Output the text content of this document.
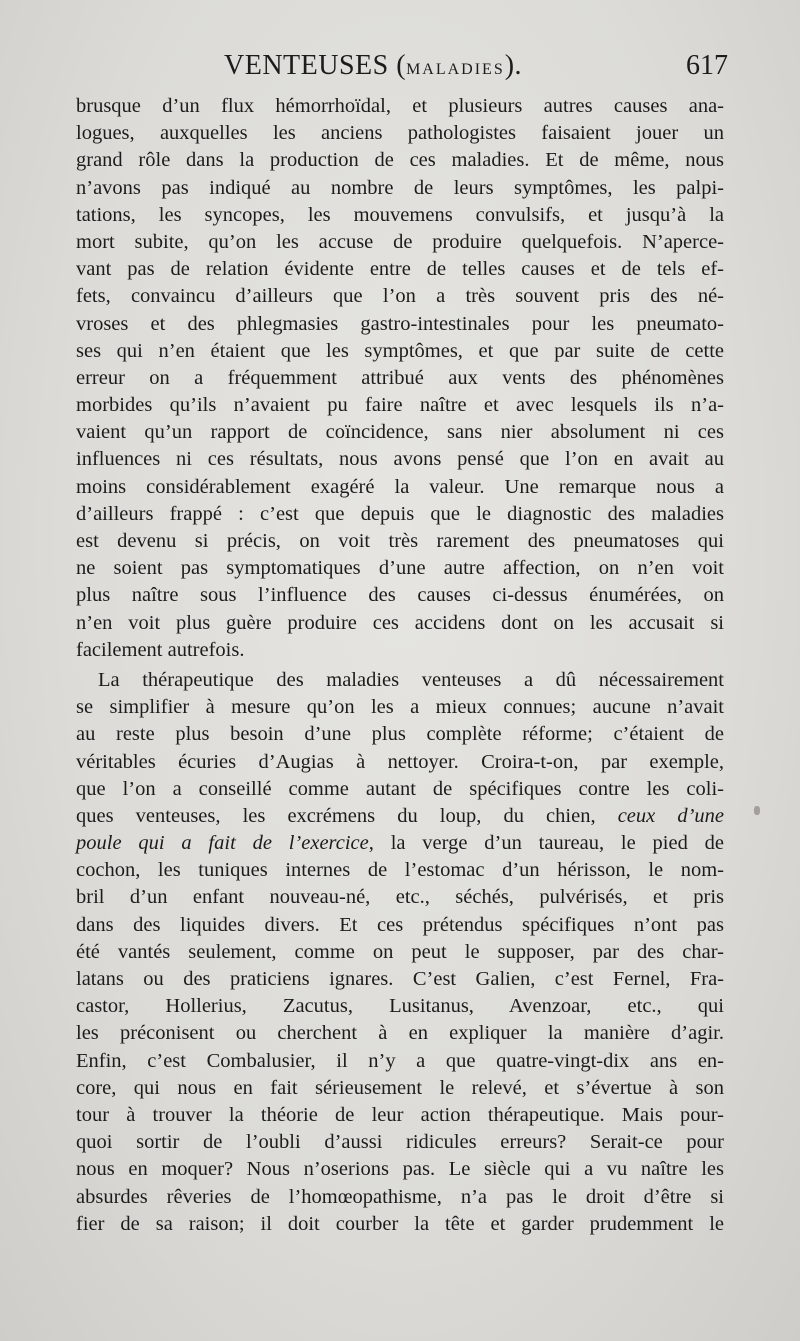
VENTEUSES (MALADIES).	617
brusque d’un flux hémorrhoïdal, et plusieurs autres causes ana-
logues, auxquelles les anciens pathologistes faisaient jouer un
grand rôle dans la production de ces maladies. Et de même, nous
n’avons pas indiqué au nombre de leurs symptômes, les palpi-
tations, les syncopes, les mouvemens convulsifs, et jusqu’à la
mort subite, qu’on les accuse de produire quelquefois. N’aperce-
vant pas de relation évidente entre de telles causes et de tels ef-
fets, convaincu d’ailleurs que l’on a très souvent pris des né-
vroses et des phlegmasies gastro-intestinales pour les pneumato-
ses qui n’en étaient que les symptômes, et que par suite de cette
erreur on a fréquemment attribué aux vents des phénomènes
morbides qu’ils n’avaient pu faire naître et avec lesquels ils n’a-
vaient qu’un rapport de coïncidence, sans nier absolument ni ces
influences ni ces résultats, nous avons pensé que l’on en avait au
moins considérablement exagéré la valeur. Une remarque nous a
d’ailleurs frappé : c’est que depuis que le diagnostic des maladies
est devenu si précis, on voit très rarement des pneumatoses qui
ne soient pas symptomatiques d’une autre affection, on n’en voit
plus naître sous l’influence des causes ci-dessus énumérées, on
n’en voit plus guère produire ces accidens dont on les accusait si
facilement autrefois.
La thérapeutique des maladies venteuses a dû nécessairement
se simplifier à mesure qu’on les a mieux connues; aucune n’avait
au reste plus besoin d’une plus complète réforme; c’étaient de
véritables écuries d’Augias à nettoyer. Croira-t-on, par exemple,
que l’on a conseillé comme autant de spécifiques contre les coli-
ques venteuses, les excrémens du loup, du chien, ceux d’une
poule qui a fait de l’exercice, la verge d’un taureau, le pied de
cochon, les tuniques internes de l’estomac d’un hérisson, le nom-
bril d’un enfant nouveau-né, etc., séchés, pulvérisés, et pris
dans des liquides divers. Et ces prétendus spécifiques n’ont pas
été vantés seulement, comme on peut le supposer, par des char-
latans ou des praticiens ignares. C’est Galien, c’est Fernel, Fra-
castor, Hollerius, Zacutus, Lusitanus, Avenzoar, etc., qui
les préconisent ou cherchent à en expliquer la manière d’agir.
Enfin, c’est Combalusier, il n’y a que quatre-vingt-dix ans en-
core, qui nous en fait sérieusement le relevé, et s’évertue à son
tour à trouver la théorie de leur action thérapeutique. Mais pour-
quoi sortir de l’oubli d’aussi ridicules erreurs? Serait-ce pour
nous en moquer? Nous n’oserions pas. Le siècle qui a vu naître les
absurdes rêveries de l’homœopathisme, n’a pas le droit d’être si
fier de sa raison; il doit courber la tête et garder prudemment le
